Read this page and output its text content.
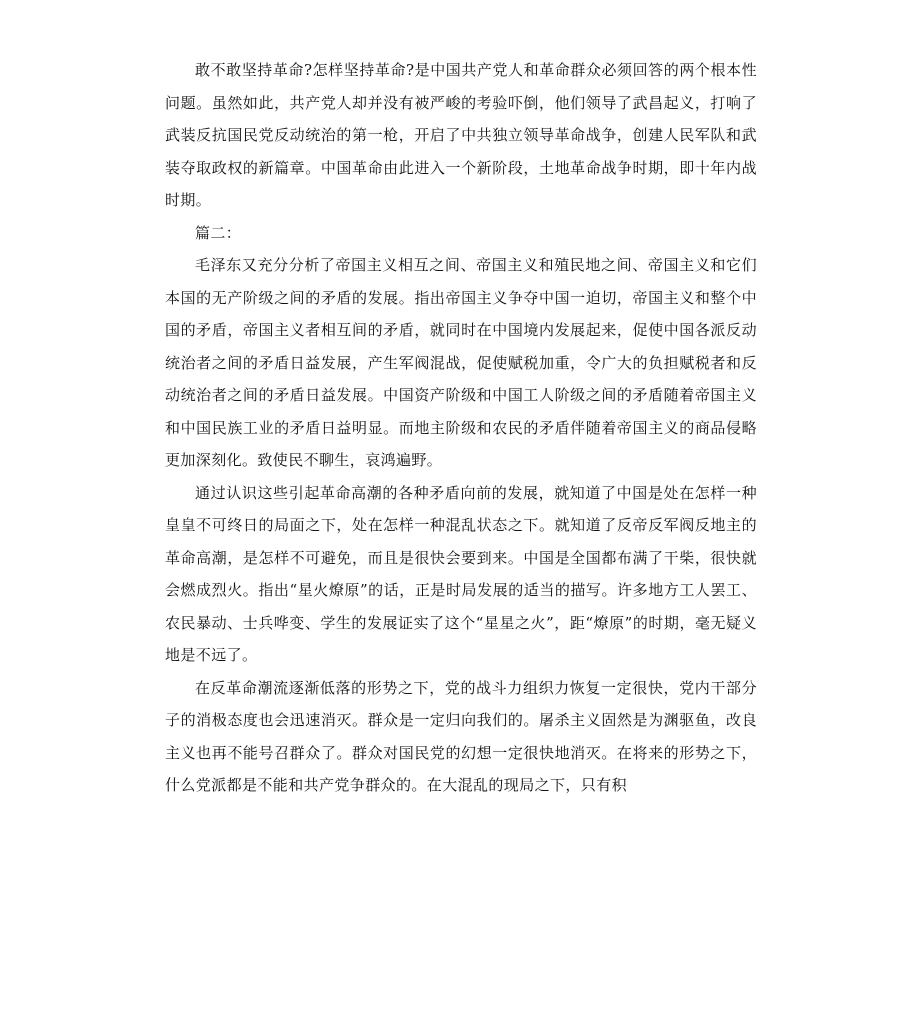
敢不敢坚持革命?怎样坚持革命?是中国共产党人和革命群众必须回答的两个根本性问题。虽然如此，共产党人却并没有被严峻的考验吓倒，他们领导了武昌起义，打响了武装反抗国民党反动统治的第一枪，开启了中共独立领导革命战争，创建人民军队和武装夺取政权的新篇章。中国革命由此进入一个新阶段，土地革命战争时期，即十年内战时期。

篇二：

毛泽东又充分分析了帝国主义相互之间、帝国主义和殖民地之间、帝国主义和它们本国的无产阶级之间的矛盾的发展。指出帝国主义争夺中国一迫切，帝国主义和整个中国的矛盾，帝国主义者相互间的矛盾，就同时在中国境内发展起来，促使中国各派反动统治者之间的矛盾日益发展，产生军阀混战，促使赋税加重，令广大的负担赋税者和反动统治者之间的矛盾日益发展。中国资产阶级和中国工人阶级之间的矛盾随着帝国主义和中国民族工业的矛盾日益明显。而地主阶级和农民的矛盾伴随着帝国主义的商品侵略更加深刻化。致使民不聊生，哀鸿遍野。

通过认识这些引起革命高潮的各种矛盾向前的发展，就知道了中国是处在怎样一种皇皇不可终日的局面之下，处在怎样一种混乱状态之下。就知道了反帝反军阀反地主的革命高潮，是怎样不可避免，而且是很快会要到来。中国是全国都布满了干柴，很快就会燃成烈火。指出“星火燎原”的话，正是时局发展的适当的描写。许多地方工人罢工、农民暴动、士兵哗变、学生的发展证实了这个“星星之火”，距“燎原”的时期，毫无疑义地是不远了。

在反革命潮流逐渐低落的形势之下，党的战斗力组织力恢复一定很快，党内干部分子的消极态度也会迅速消灭。群众是一定归向我们的。屠杀主义固然是为渊驱鱼，改良主义也再不能号召群众了。群众对国民党的幻想一定很快地消灭。在将来的形势之下，什么党派都是不能和共产党争群众的。在大混乱的现局之下，只有积
